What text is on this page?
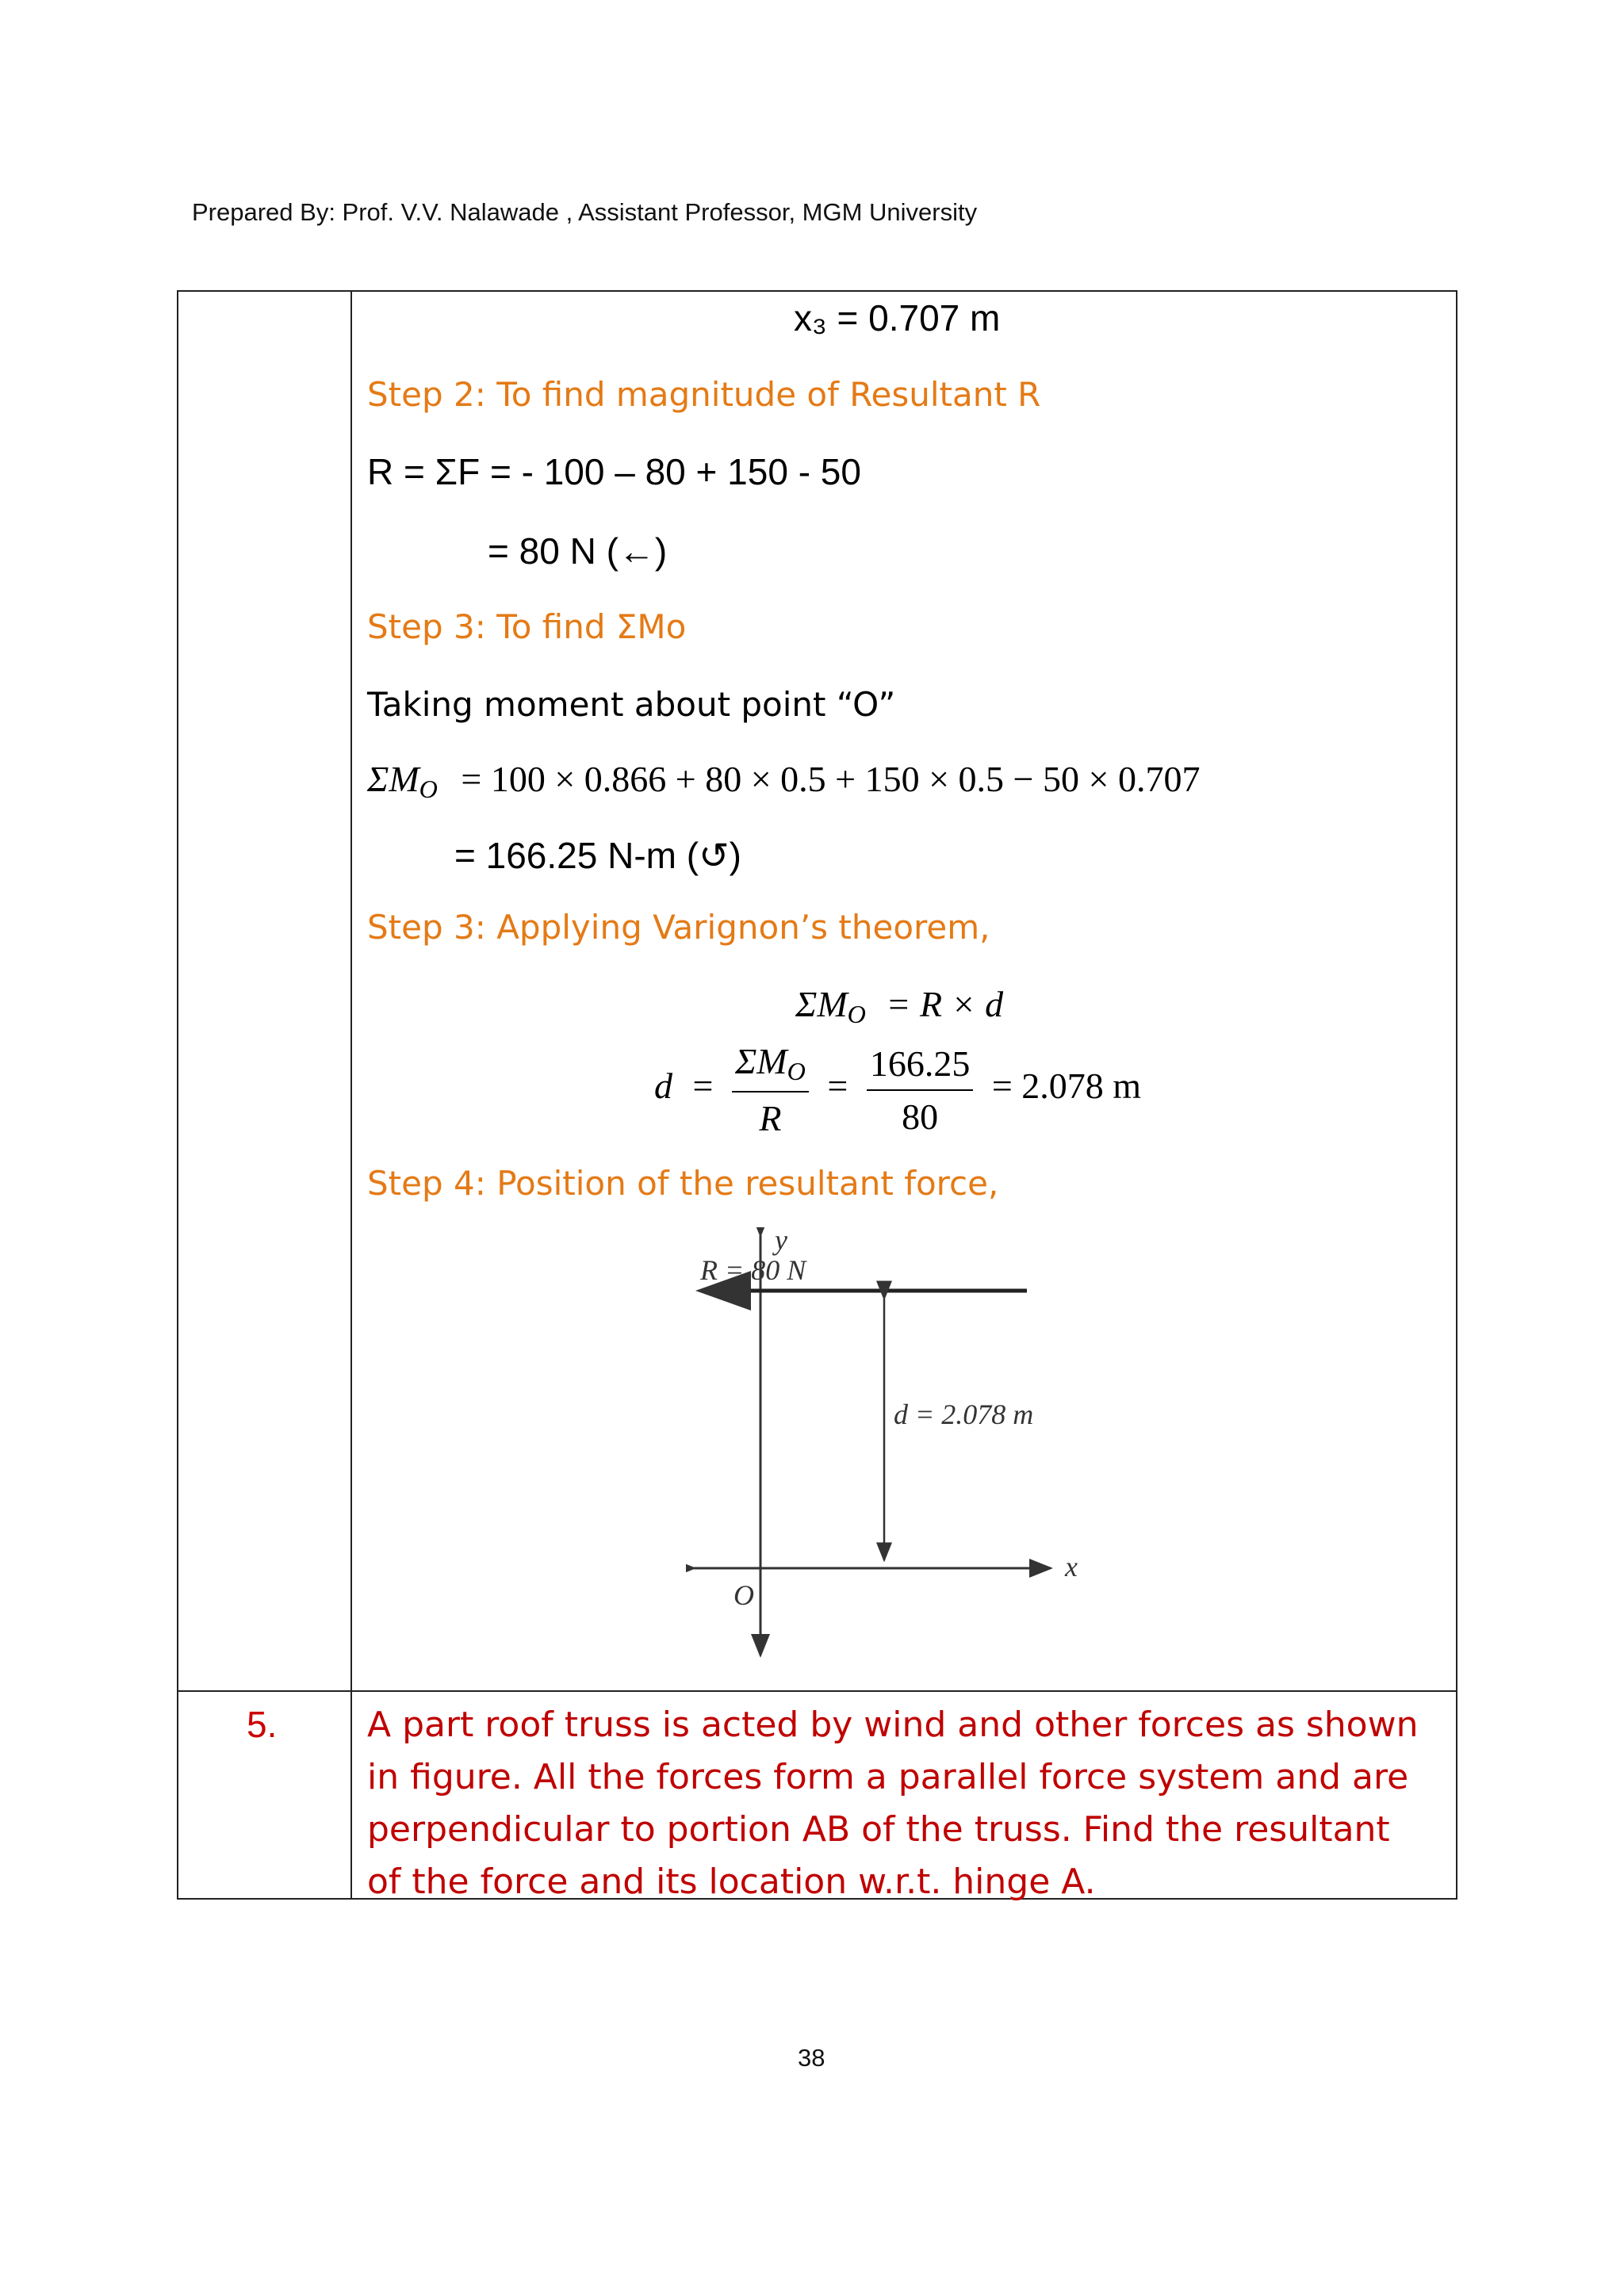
Prepared By: Prof. V.V. Nalawade , Assistant Professor, MGM University
x₃ = 0.707 m
Step 2: To find magnitude of Resultant R
R = ΣF = - 100 – 80 + 150 - 50
= 80 N (←)
Step 3: To find ΣMo
Taking moment about point “O”
$\Sigma M_O = 100 \times 0.866 + 80 \times 0.5 + 150 \times 0.5 - 50 \times 0.707$
= 166.25 N-m (↺)
Step 3: Applying Varignon’s theorem,
$\Sigma M_O = R \times d$
$d = \frac{\Sigma M_O}{R} = \frac{166.25}{80} = 2.078$ m
Step 4: Position of the resultant force,
R = 80 N
y
d = 2.078 m
x
O
5.	A part roof truss is acted by wind and other forces as shown in figure. All the forces form a parallel force system and are perpendicular to portion AB of the truss. Find the resultant of the force and its location w.r.t. hinge A.
38
